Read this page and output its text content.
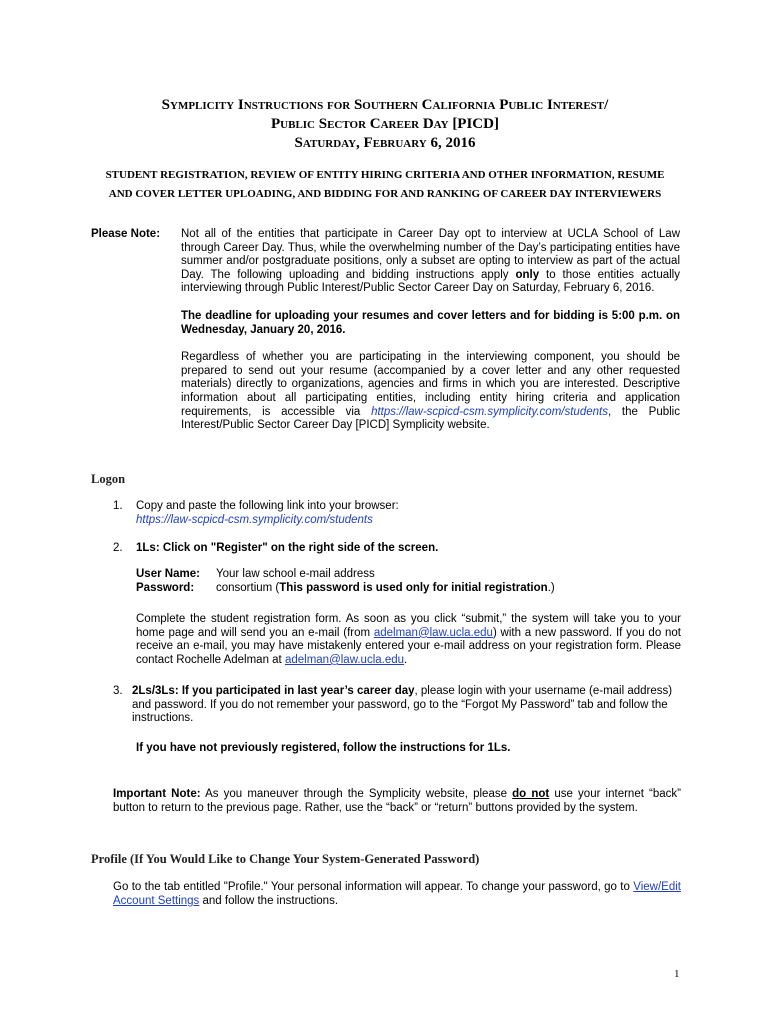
Symplicity Instructions for Southern California Public Interest/
Public Sector Career Day [PICD]
Saturday, February 6, 2016
STUDENT REGISTRATION, REVIEW OF ENTITY HIRING CRITERIA AND OTHER INFORMATION, RESUME
AND COVER LETTER UPLOADING, AND BIDDING FOR AND RANKING OF CAREER DAY INTERVIEWERS
Please Note: Not all of the entities that participate in Career Day opt to interview at UCLA School of Law through Career Day. Thus, while the overwhelming number of the Day’s participating entities have summer and/or postgraduate positions, only a subset are opting to interview as part of the actual Day. The following uploading and bidding instructions apply only to those entities actually interviewing through Public Interest/Public Sector Career Day on Saturday, February 6, 2016.

The deadline for uploading your resumes and cover letters and for bidding is 5:00 p.m. on Wednesday, January 20, 2016.

Regardless of whether you are participating in the interviewing component, you should be prepared to send out your resume (accompanied by a cover letter and any other requested materials) directly to organizations, agencies and firms in which you are interested. Descriptive information about all participating entities, including entity hiring criteria and application requirements, is accessible via https://law-scpicd-csm.symplicity.com/students, the Public Interest/Public Sector Career Day [PICD] Symplicity website.

Logon
1. Copy and paste the following link into your browser:
https://law-scpicd-csm.symplicity.com/students
2. 1Ls: Click on "Register" on the right side of the screen.
User Name:	Your law school e-mail address
Password:	consortium (This password is used only for initial registration.)
Complete the student registration form. As soon as you click “submit,” the system will take you to your home page and will send you an e-mail (from adelman@law.ucla.edu) with a new password. If you do not receive an e-mail, you may have mistakenly entered your e-mail address on your registration form. Please contact Rochelle Adelman at adelman@law.ucla.edu.
3. 2Ls/3Ls: If you participated in last year’s career day, please login with your username (e-mail address) and password. If you do not remember your password, go to the “Forgot My Password” tab and follow the instructions.
If you have not previously registered, follow the instructions for 1Ls.
Important Note: As you maneuver through the Symplicity website, please do not use your internet “back” button to return to the previous page. Rather, use the “back” or “return” buttons provided by the system.
Profile (If You Would Like to Change Your System-Generated Password)
Go to the tab entitled "Profile." Your personal information will appear. To change your password, go to View/Edit Account Settings and follow the instructions.
1
